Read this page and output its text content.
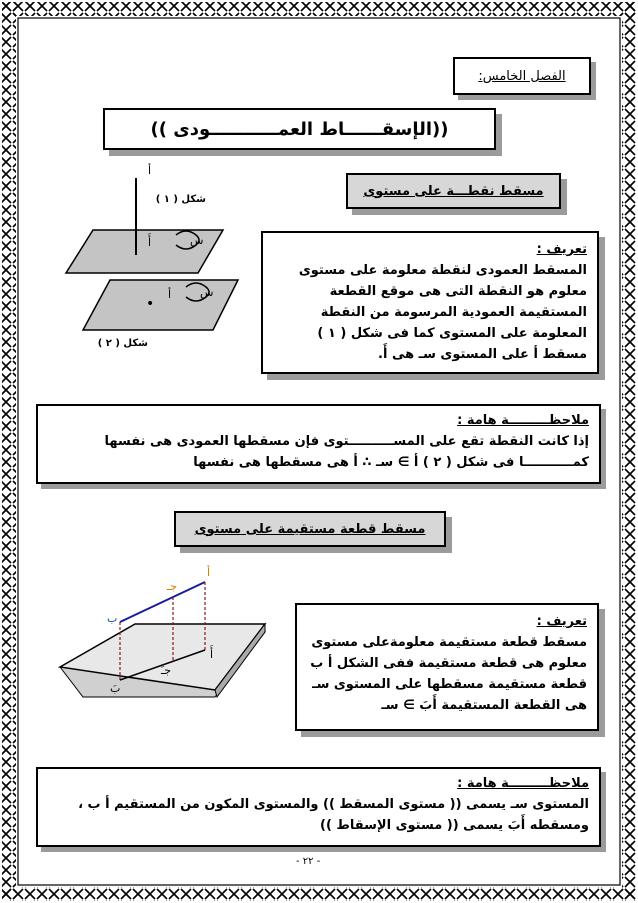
الفصل الخامس:
((الإسقــــــاط العمـــــــــــودى ))
مسقط نقطـــة على مستوى
أ
شكل ( ١ )
أَ	س
•
أ	س
شكل ( ٢ )
تعريف :
المسقط العمودى لنقطة معلومة على مستوى
معلوم هو النقطة التى هى موقع القطعة
المستقيمة العمودية المرسومة من النقطة
المعلومة على المستوى كما فى شكل ( ١ )
مسقط أ على المستوى سـ هى أَ.
ملاحظـــــــــة هامة :
إذا كانت النقطة تقع على المســــــــــتوى فإن مسقطها العمودى هى نفسها
كمـــــــــــا فى شكل ( ٢ ) أ ∋ سـ ∴ أ هى مسقطها هى نفسها
مسقط قطعة مستقيمة على مستوى
أ
جـ
ب
أَ
جـَ
بَ
تعريف :
مسقط قطعة مستقيمة معلومةعلى مستوى
معلوم هى قطعة مستقيمة ففى الشكل أ ب
قطعة مستقيمة مسقطها على المستوى سـ
هى القطعة المستقيمة أَبَ ∋ سـ
ملاحظـــــــــة هامة :
المستوى سـ يسمى (( مستوى المسقط )) والمستوى المكون من المستقيم أ ب ،
ومسقطه أَبَ يسمى (( مستوى الإسقاط ))
- ٢٢ -
